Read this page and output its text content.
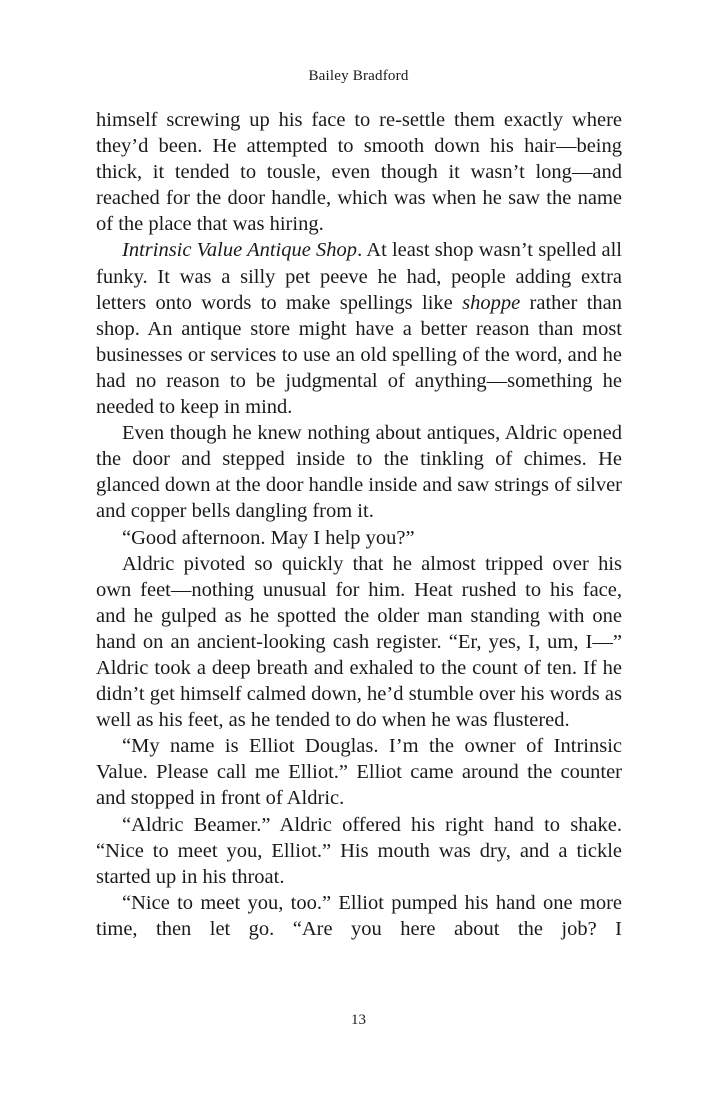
Bailey Bradford

himself screwing up his face to re-settle them exactly where they’d been. He attempted to smooth down his hair—being thick, it tended to tousle, even though it wasn’t long—and reached for the door handle, which was when he saw the name of the place that was hiring.

Intrinsic Value Antique Shop. At least shop wasn’t spelled all funky. It was a silly pet peeve he had, people adding extra letters onto words to make spellings like shoppe rather than shop. An antique store might have a better reason than most businesses or services to use an old spelling of the word, and he had no reason to be judgmental of anything—something he needed to keep in mind.

Even though he knew nothing about antiques, Aldric opened the door and stepped inside to the tinkling of chimes. He glanced down at the door handle inside and saw strings of silver and copper bells dangling from it.

“Good afternoon. May I help you?”

Aldric pivoted so quickly that he almost tripped over his own feet—nothing unusual for him. Heat rushed to his face, and he gulped as he spotted the older man standing with one hand on an ancient-looking cash register. “Er, yes, I, um, I—” Aldric took a deep breath and exhaled to the count of ten. If he didn’t get himself calmed down, he’d stumble over his words as well as his feet, as he tended to do when he was flustered.

“My name is Elliot Douglas. I’m the owner of Intrinsic Value. Please call me Elliot.” Elliot came around the counter and stopped in front of Aldric.

“Aldric Beamer.” Aldric offered his right hand to shake. “Nice to meet you, Elliot.” His mouth was dry, and a tickle started up in his throat.

“Nice to meet you, too.” Elliot pumped his hand one more time, then let go. “Are you here about the job? I

13
